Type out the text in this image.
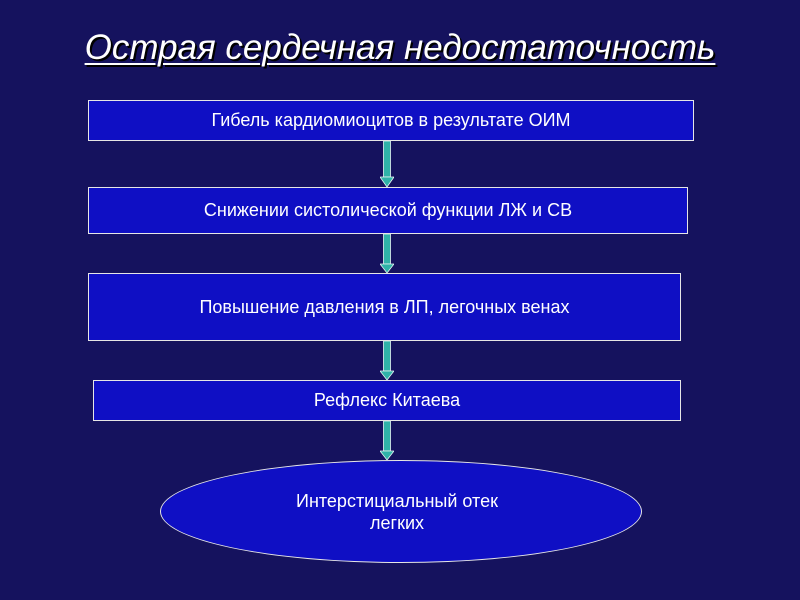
Острая сердечная недостаточность
Гибель кардиомиоцитов в результате ОИМ
Снижении систолической функции ЛЖ и СВ
Повышение давления в ЛП, легочных венах
Рефлекс Китаева
Интерстициальный отек
легких
